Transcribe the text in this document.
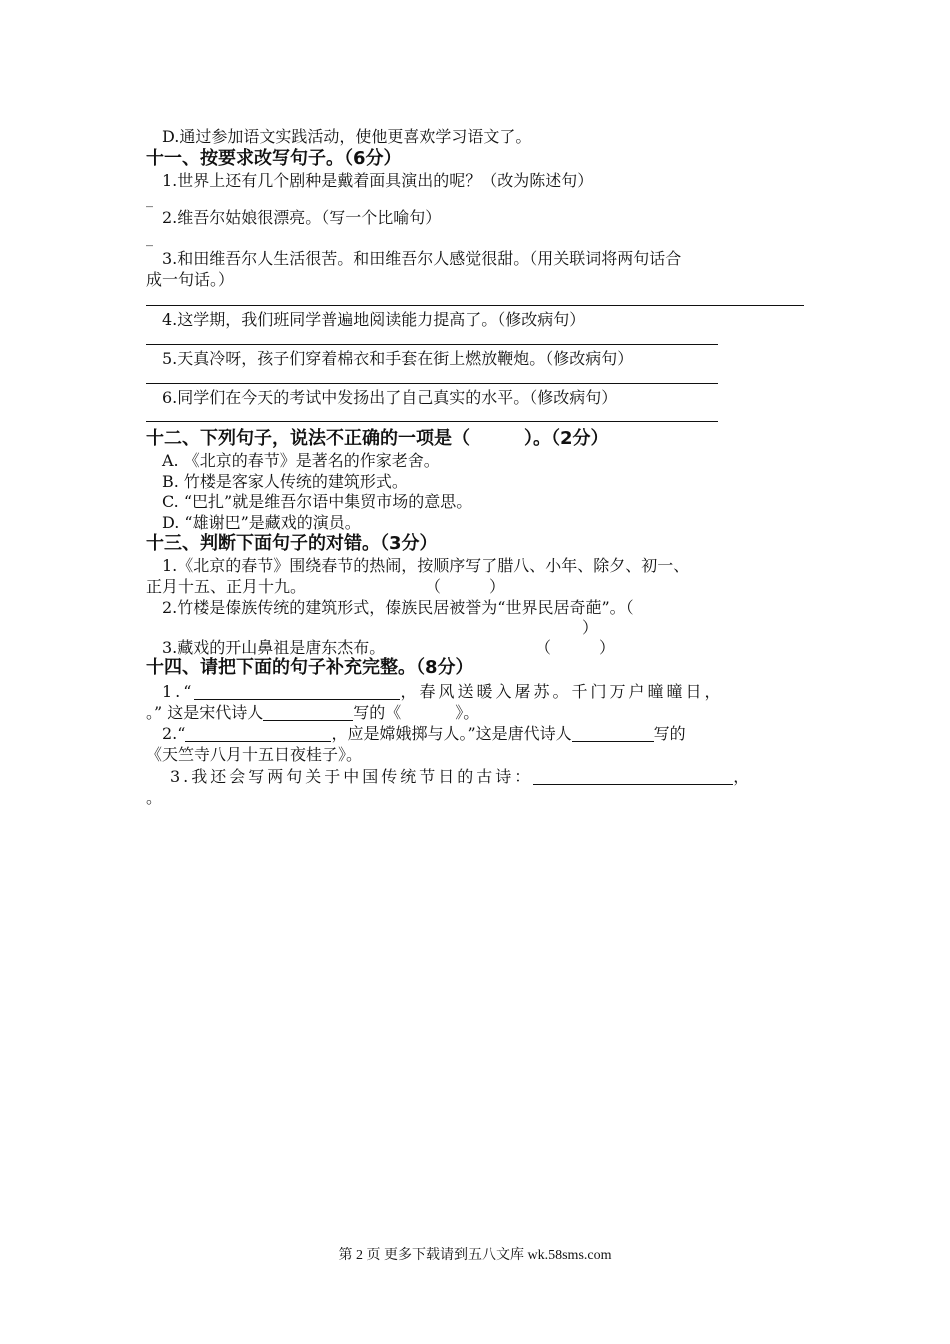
D.通过参加语文实践活动，使他更喜欢学习语文了。
十一、按要求改写句子。（6分）
1.世界上还有几个剧种是戴着面具演出的呢？（改为陈述句）
_
2.维吾尔姑娘很漂亮。（写一个比喻句）
_
3.和田维吾尔人生活很苦。和田维吾尔人感觉很甜。（用关联词将两句话合
成一句话。）
4.这学期，我们班同学普遍地阅读能力提高了。（修改病句）
5.天真冷呀，孩子们穿着棉衣和手套在街上燃放鞭炮。（修改病句）
6.同学们在今天的考试中发扬出了自己真实的水平。（修改病句）
十二、下列句子，说法不正确的一项是（　　　）。（2分）
A. 《北京的春节》是著名的作家老舍。
B. 竹楼是客家人传统的建筑形式。
C. “巴扎”就是维吾尔语中集贸市场的意思。
D. “雄谢巴”是藏戏的演员。
十三、判断下面句子的对错。（3分）
1.《北京的春节》围绕春节的热闹，按顺序写了腊八、小年、除夕、初一、
正月十五、正月十九。	（　　　）
2.竹楼是傣族传统的建筑形式，傣族民居被誉为“世界民居奇葩”。（
）
3.藏戏的开山鼻祖是唐东杰布。	（　　　）
十四、请把下面的句子补充完整。（8分）
1.“	，春风送暖入屠苏。千门万户曈曈日，
。” 这是宋代诗人	写的《	》。
2.“	，应是嫦娥掷与人。”这是唐代诗人	写的
《天竺寺八月十五日夜桂子》。
3.我还会写两句关于中国传统节日的古诗：	，
。
第 2 页 更多下载请到五八文库 wk.58sms.com
